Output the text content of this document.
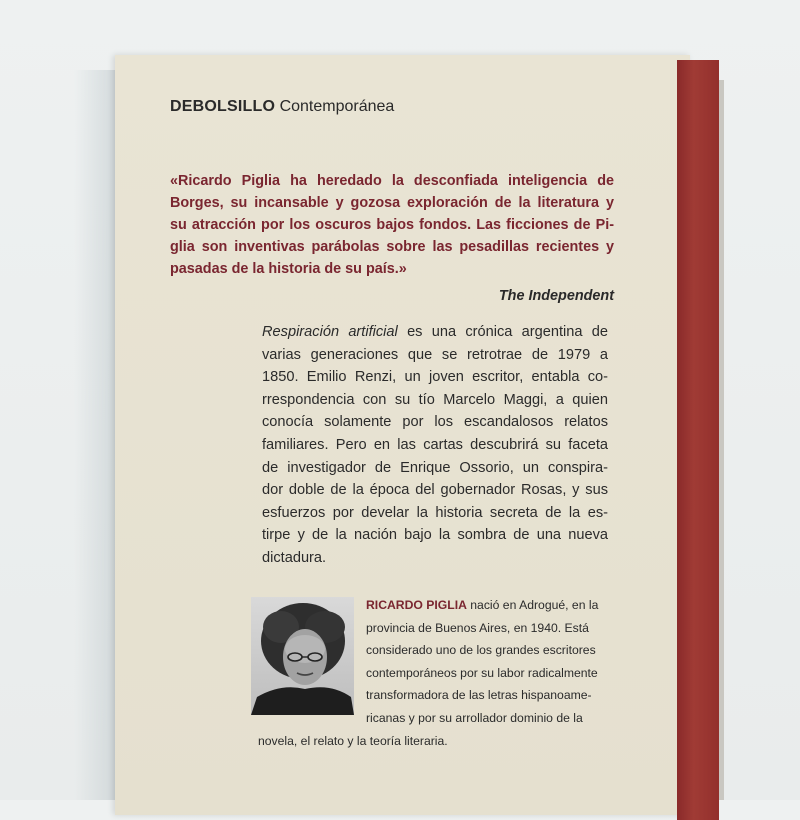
DEBOLSILLO Contemporánea
«Ricardo Piglia ha heredado la desconfiada inteligencia de
Borges, su incansable y gozosa exploración de la literatura y
su atracción por los oscuros bajos fondos. Las ficciones de Pi-
glia son inventivas parábolas sobre las pesadillas recientes y
pasadas de la historia de su país.»
The Independent
Respiración artificial es una crónica argentina de
varias generaciones que se retrotrae de 1979 a
1850. Emilio Renzi, un joven escritor, entabla co-
rrespondencia con su tío Marcelo Maggi, a quien
conocía solamente por los escandalosos relatos
familiares. Pero en las cartas descubrirá su faceta
de investigador de Enrique Ossorio, un conspira-
dor doble de la época del gobernador Rosas, y sus
esfuerzos por develar la historia secreta de la es-
tirpe y de la nación bajo la sombra de una nueva
dictadura.
RICARDO PIGLIA nació en Adrogué, en la
provincia de Buenos Aires, en 1940. Está
considerado uno de los grandes escritores
contemporáneos por su labor radicalmente
transformadora de las letras hispanoame-
ricanas y por su arrollador dominio de la
novela, el relato y la teoría literaria.
